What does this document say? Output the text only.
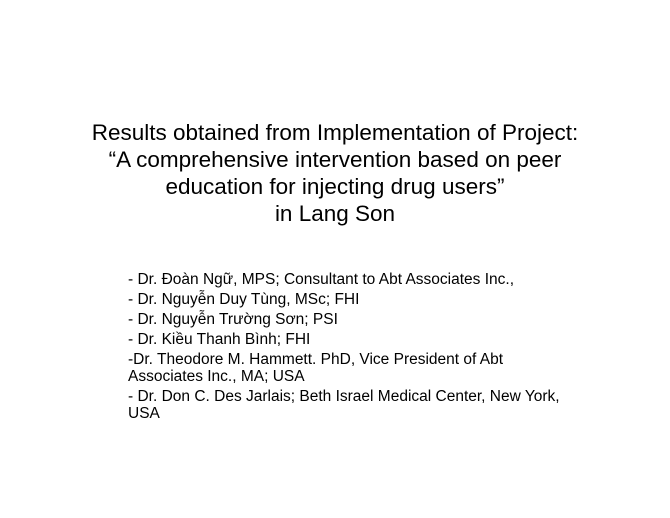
Results obtained from Implementation of Project:
“A comprehensive intervention based on peer
education for injecting drug users”
in Lang Son
- Dr. Đoàn Ngữ, MPS; Consultant to Abt Associates Inc.,
- Dr. Nguyễn Duy Tùng, MSc; FHI
- Dr. Nguyễn Trường Sơn; PSI
- Dr. Kiều Thanh Bình; FHI
-Dr. Theodore M. Hammett. PhD, Vice President of Abt Associates Inc., MA; USA
- Dr. Don C. Des Jarlais; Beth Israel Medical Center, New York, USA
